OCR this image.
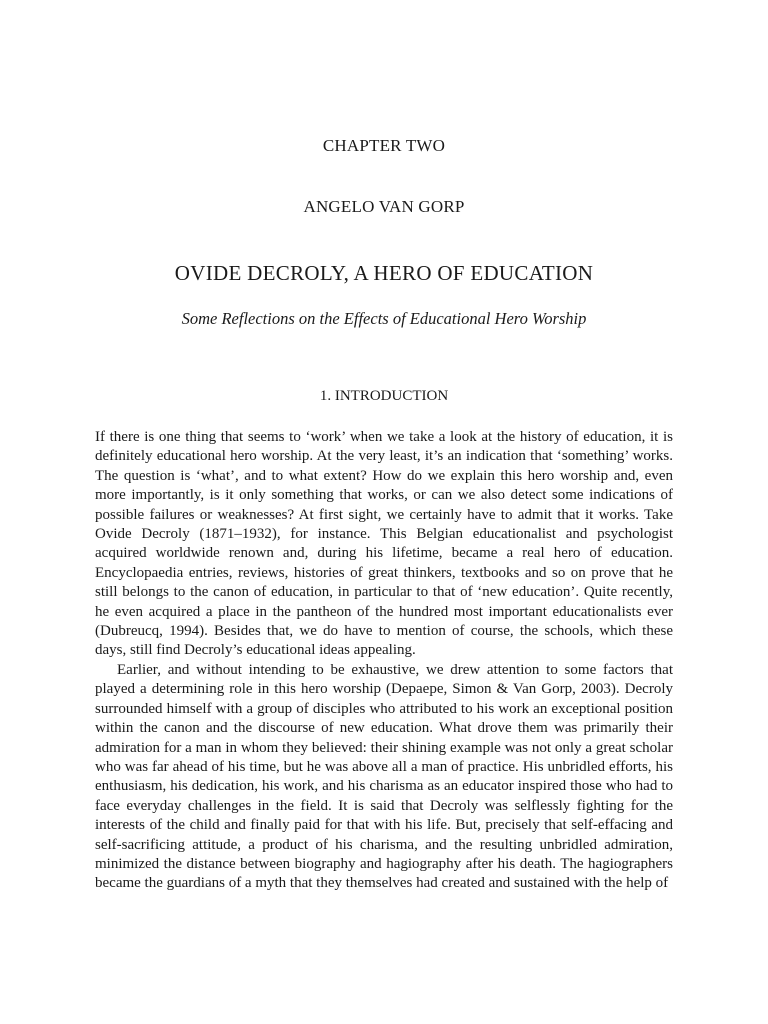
CHAPTER TWO
ANGELO VAN GORP
OVIDE DECROLY, A HERO OF EDUCATION
Some Reflections on the Effects of Educational Hero Worship
1. INTRODUCTION

If there is one thing that seems to ‘work’ when we take a look at the history of education, it is definitely educational hero worship. At the very least, it’s an indication that ‘something’ works. The question is ‘what’, and to what extent? How do we explain this hero worship and, even more importantly, is it only something that works, or can we also detect some indications of possible failures or weaknesses? At first sight, we certainly have to admit that it works. Take Ovide Decroly (1871–1932), for instance. This Belgian educationalist and psychologist acquired worldwide renown and, during his lifetime, became a real hero of education. Encyclopaedia entries, reviews, histories of great thinkers, textbooks and so on prove that he still belongs to the canon of education, in particular to that of ‘new education’. Quite recently, he even acquired a place in the pantheon of the hundred most important educationalists ever (Dubreucq, 1994). Besides that, we do have to mention of course, the schools, which these days, still find Decroly’s educational ideas appealing.

Earlier, and without intending to be exhaustive, we drew attention to some factors that played a determining role in this hero worship (Depaepe, Simon & Van Gorp, 2003). Decroly surrounded himself with a group of disciples who attributed to his work an exceptional position within the canon and the discourse of new education. What drove them was primarily their admiration for a man in whom they believed: their shining example was not only a great scholar who was far ahead of his time, but he was above all a man of practice. His unbridled efforts, his enthusiasm, his dedication, his work, and his charisma as an educator inspired those who had to face everyday challenges in the field. It is said that Decroly was selflessly fighting for the interests of the child and finally paid for that with his life. But, precisely that self-effacing and self-sacrificing attitude, a product of his charisma, and the resulting unbridled admiration, minimized the distance between biography and hagiography after his death. The hagiographers became the guardians of a myth that they themselves had created and sustained with the help of
